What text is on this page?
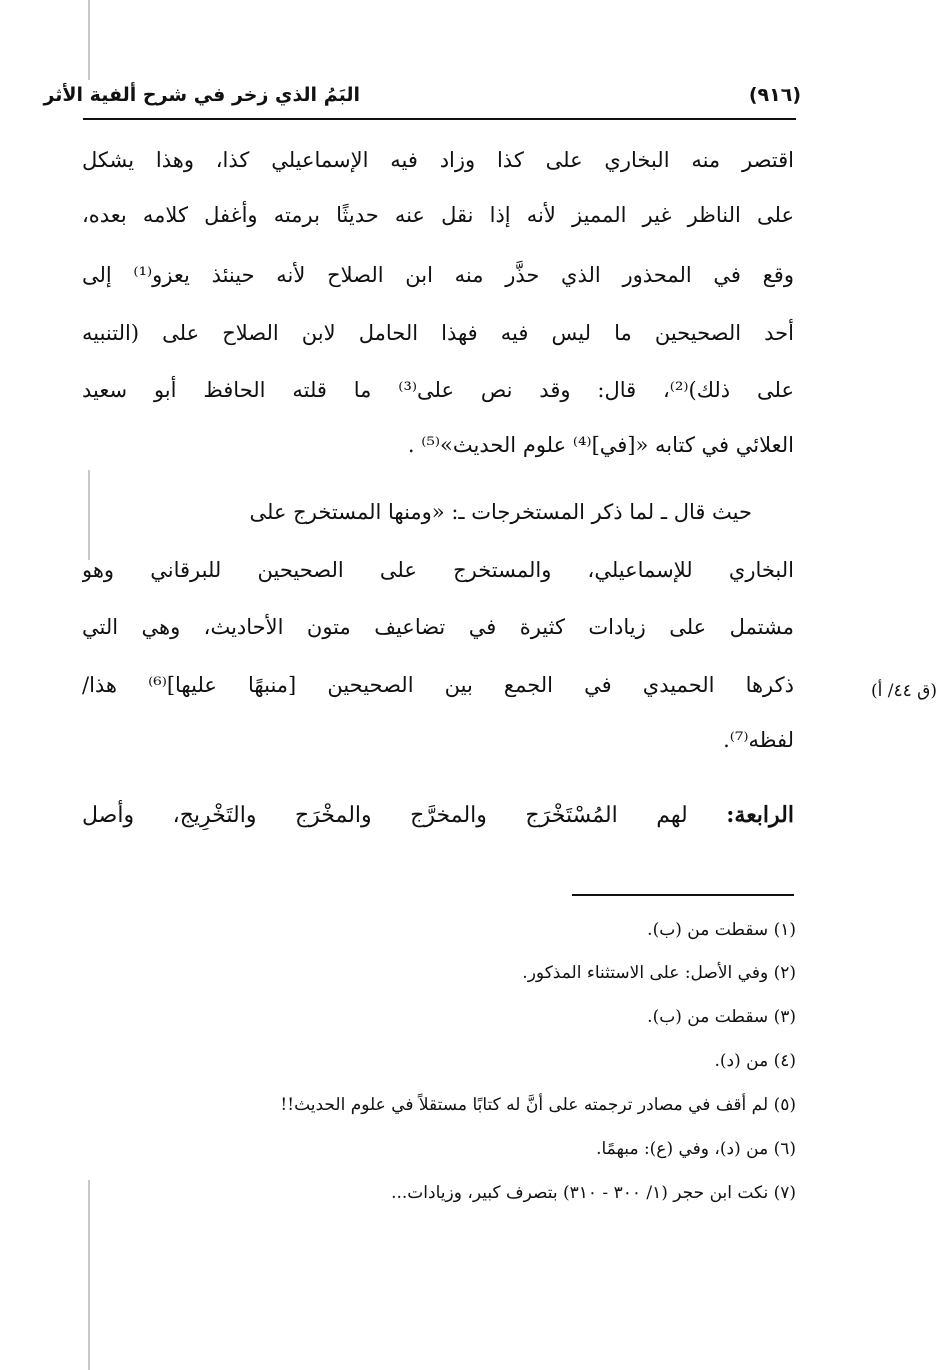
البَمُ الذي زخر في شرح ألفية الأثر	(٩١٦)
اقتصر منه البخاري على كذا وزاد فيه الإسماعيلي كذا، وهذا يشكل
على الناظر غير المميز لأنه إذا نقل عنه حديثًا برمته وأغفل كلامه بعده،
وقع في المحذور الذي حذَّر منه ابن الصلاح لأنه حينئذ يعزو⁽¹⁾ إلى
أحد الصحيحين ما ليس فيه فهذا الحامل لابن الصلاح على (التنبيه
على ذلك)⁽²⁾، قال: وقد نص على⁽³⁾ ما قلته الحافظ أبو سعيد
العلائي في كتابه «[في]⁽⁴⁾ علوم الحديث»⁽⁵⁾ .
حيث قال ـ لما ذكر المستخرجات ـ: «ومنها المستخرج على
البخاري للإسماعيلي، والمستخرج على الصحيحين للبرقاني وهو
مشتمل على زيادات كثيرة في تضاعيف متون الأحاديث، وهي التي
ذكرها الحميدي في الجمع بين الصحيحين [منبهًا عليها]⁽⁶⁾ هذا/
لفظه⁽⁷⁾.
(ق ٤٤/ أ)
الرابعة: لهم المُسْتَخْرَج والمخرَّج والمخْرَج والتَخْرِيج، وأصل
(١) سقطت من (ب).
(٢) وفي الأصل: على الاستثناء المذكور.
(٣) سقطت من (ب).
(٤) من (د).
(٥) لم أقف في مصادر ترجمته على أنَّ له كتابًا مستقلاً في علوم الحديث!!
(٦) من (د)، وفي (ع): مبهمًا.
(٧) نكت ابن حجر (١/ ٣٠٠ - ٣١٠) بتصرف كبير، وزيادات...
